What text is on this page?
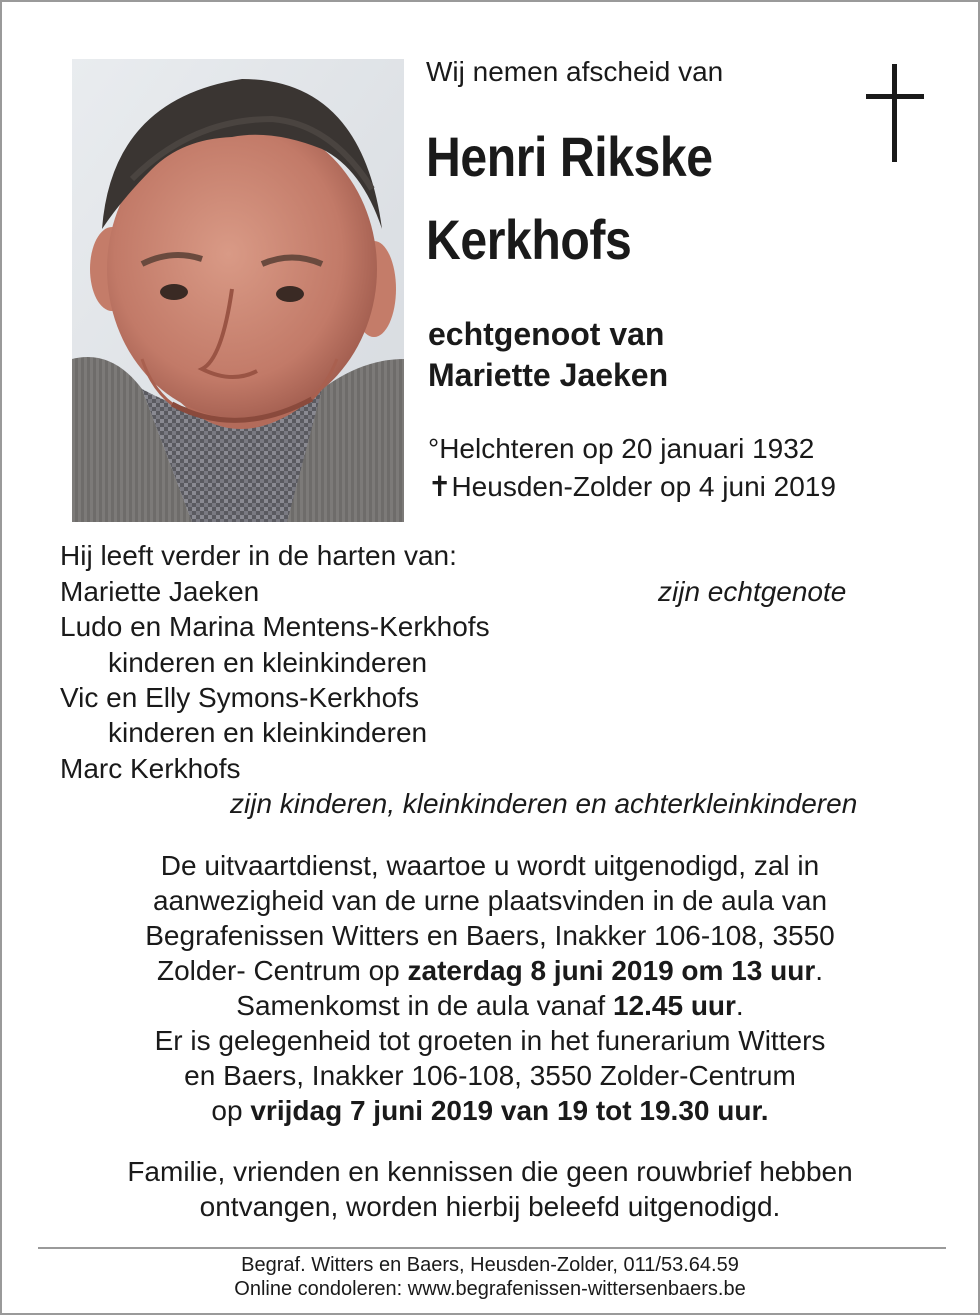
Wij nemen afscheid van
Henri Rikske
Kerkhofs
echtgenoot van
Mariette Jaeken
°Helchteren op 20 januari 1932
✝Heusden-Zolder op 4 juni 2019
Hij leeft verder in de harten van:
Mariette Jaeken	zijn echtgenote
Ludo en Marina Mentens-Kerkhofs
kinderen en kleinkinderen
Vic en Elly Symons-Kerkhofs
kinderen en kleinkinderen
Marc Kerkhofs
zijn kinderen, kleinkinderen en achterkleinkinderen
De uitvaartdienst, waartoe u wordt uitgenodigd, zal in
aanwezigheid van de urne plaatsvinden in de aula van
Begrafenissen Witters en Baers, Inakker 106-108, 3550
Zolder- Centrum op zaterdag 8 juni 2019 om 13 uur.
Samenkomst in de aula vanaf 12.45 uur.
Er is gelegenheid tot groeten in het funerarium Witters
en Baers, Inakker 106-108, 3550 Zolder-Centrum
op vrijdag 7 juni 2019 van 19 tot 19.30 uur.
Familie, vrienden en kennissen die geen rouwbrief hebben
ontvangen, worden hierbij beleefd uitgenodigd.
Begraf. Witters en Baers, Heusden-Zolder, 011/53.64.59
Online condoleren: www.begrafenissen-wittersenbaers.be
